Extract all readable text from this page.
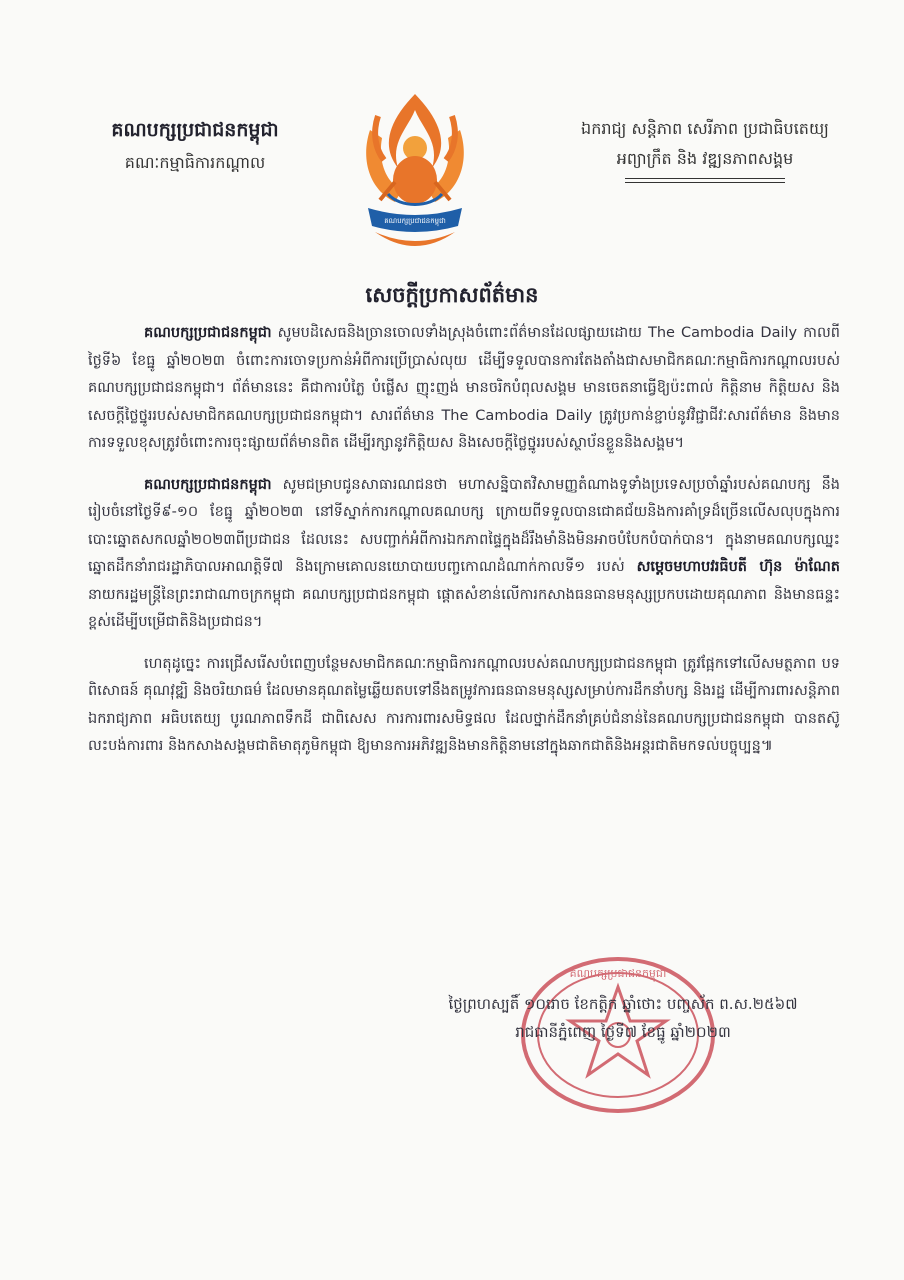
គណបក្សប្រជាជនកម្ពុជា
គណៈកម្មាធិការកណ្តាល
គណបក្សប្រជាជនកម្ពុជា
ឯករាជ្យ សន្តិភាព សេរីភាព ប្រជាធិបតេយ្យ
អព្យាក្រឹត និង វឌ្ឍនភាពសង្គម
សេចក្តីប្រកាសព័ត៌មាន

គណបក្សប្រជាជនកម្ពុជា សូមបដិសេធនិងច្រានចោលទាំងស្រុងចំពោះព័ត៌មានដែលផ្សាយដោយ The Cambodia Daily កាលពីថ្ងៃទី៦ ខែធ្នូ ឆ្នាំ២០២៣ ចំពោះការចោទប្រកាន់អំពីការប្រើប្រាស់លុយ ដើម្បីទទួលបានការតែងតាំងជាសមាជិកគណៈកម្មាធិការកណ្តាលរបស់គណបក្សប្រជាជនកម្ពុជា។ ព័ត៌មាននេះ គឺជាការបំភ្លៃ បំផ្លើស ញុះញង់ មានចរិកបំពុលសង្គម មានចេតនាធ្វើឱ្យប៉ះពាល់ កិត្តិនាម កិត្តិយស និងសេចក្តីថ្លៃថ្នូររបស់សមាជិកគណបក្សប្រជាជនកម្ពុជា។ សារព័ត៌មាន The Cambodia Daily ត្រូវប្រកាន់ខ្ជាប់នូវវិជ្ជាជីវៈសារព័ត៌មាន និងមានការទទួលខុសត្រូវចំពោះការចុះផ្សាយព័ត៌មានពិត ដើម្បីរក្សានូវកិត្តិយស និងសេចក្តីថ្លៃថ្នូររបស់ស្ថាប័នខ្លួននិងសង្គម។

គណបក្សប្រជាជនកម្ពុជា សូមជម្រាបជូនសាធារណជនថា មហាសន្និបាតវិសាមញ្ញតំណាងទូទាំងប្រទេសប្រចាំឆ្នាំរបស់គណបក្ស នឹងរៀបចំនៅថ្ងៃទី៩-១០ ខែធ្នូ ឆ្នាំ២០២៣ នៅទីស្នាក់ការកណ្តាលគណបក្ស ក្រោយពីទទួលបានជោគជ័យនិងការគាំទ្រដ៏ច្រើនលើសលុបក្នុងការបោះឆ្នោតសកលឆ្នាំ២០២៣ពីប្រជាជន ដែលនេះ សបញ្ជាក់អំពីការឯកភាពផ្ទៃក្នុងដ៏រឹងមាំនិងមិនអាចបំបែកបំបាក់បាន។ ក្នុងនាមគណបក្សឈ្នះឆ្នោតដឹកនាំរាជរដ្ឋាភិបាលអាណត្តិទី៧ និងក្រោមគោលនយោបាយបញ្ចកោណដំណាក់កាលទី១ របស់ សម្តេចមហាបវរធិបតី ហ៊ុន ម៉ាណែត នាយករដ្ឋមន្ត្រីនៃព្រះរាជាណាចក្រកម្ពុជា គណបក្សប្រជាជនកម្ពុជា ផ្តោតសំខាន់លើការកសាងធនធានមនុស្សប្រកបដោយគុណភាព និងមានធន្ទះខ្ពស់ដើម្បីបម្រើជាតិនិងប្រជាជន។

ហេតុដូច្នេះ ការជ្រើសរើសបំពេញបន្ថែមសមាជិកគណៈកម្មាធិការកណ្តាលរបស់គណបក្សប្រជាជនកម្ពុជា ត្រូវផ្អែកទៅលើសមត្ថភាព បទពិសោធន៍ គុណវុឌ្ឍិ និងចរិយាធម៌ ដែលមានគុណតម្លៃឆ្លើយតបទៅនឹងតម្រូវការធនធានមនុស្សសម្រាប់ការដឹកនាំបក្ស និងរដ្ឋ ដើម្បីការពារសន្តិភាព ឯករាជ្យភាព អធិបតេយ្យ បូរណភាពទឹកដី ជាពិសេស ការការពារសមិទ្ធផល ដែលថ្នាក់ដឹកនាំគ្រប់ជំនាន់នៃគណបក្សប្រជាជនកម្ពុជា បានតស៊ូ លះបង់ការពារ និងកសាងសង្គមជាតិមាតុភូមិកម្ពុជា ឱ្យមានការអភិវឌ្ឍនិងមានកិត្តិនាមនៅក្នុងឆាកជាតិនិងអន្តរជាតិមកទល់បច្ចុប្បន្ន៕

គណបក្សប្រជាជនកម្ពុជា
ថ្ងៃព្រហស្បតិ៍ ១០រោច ខែកត្តិក ឆ្នាំថោះ បញ្ចស័ក ព.ស.២៥៦៧
រាជធានីភ្នំពេញ ថ្ងៃទី៧ ខែធ្នូ ឆ្នាំ២០២៣
